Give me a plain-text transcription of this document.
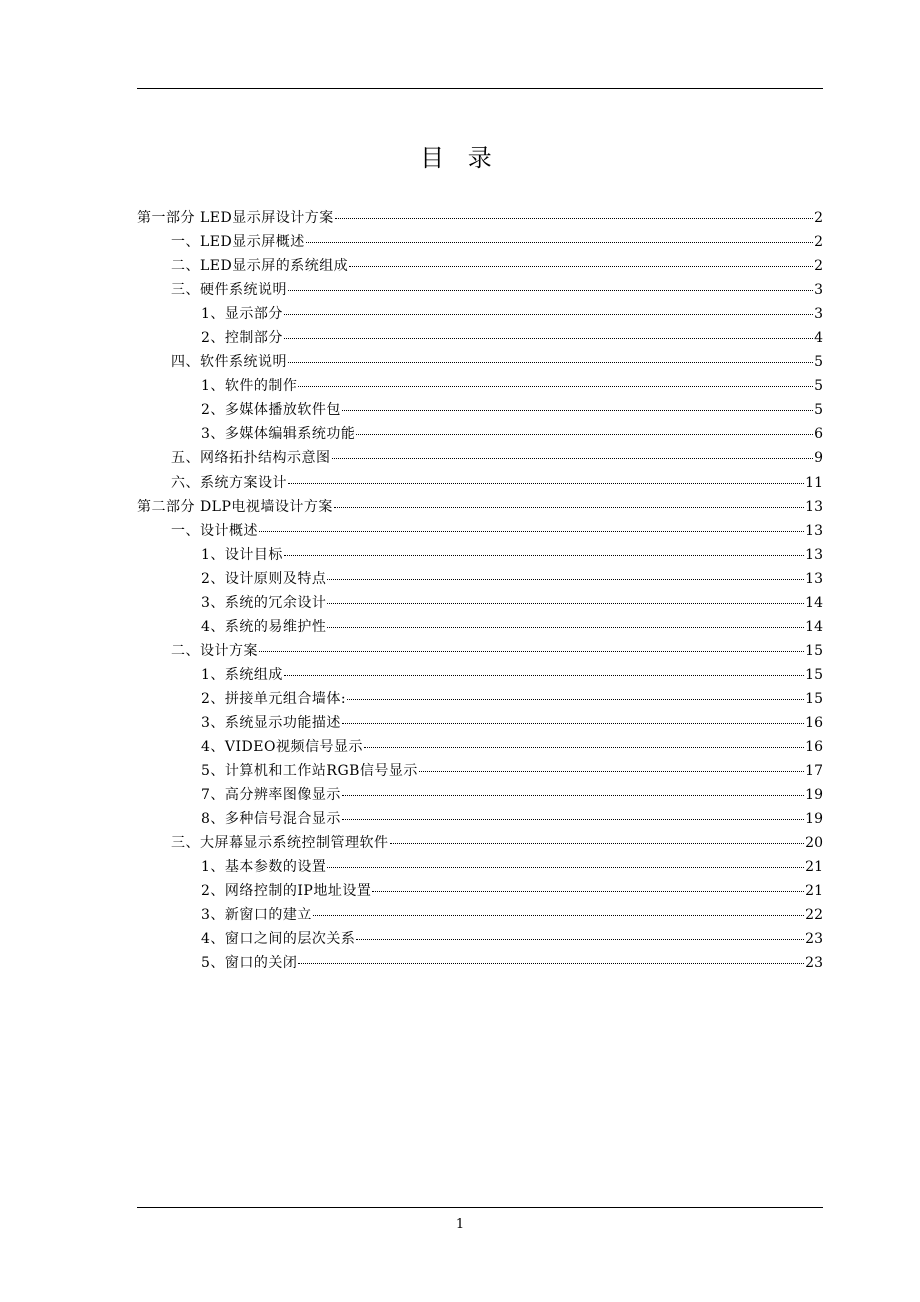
目 录
第一部分 LED显示屏设计方案	2
一、LED显示屏概述	2
二、LED显示屏的系统组成	2
三、硬件系统说明	3
1、显示部分	3
2、控制部分	4
四、软件系统说明	5
1、软件的制作	5
2、多媒体播放软件包	5
3、多媒体编辑系统功能	6
五、网络拓扑结构示意图	9
六、系统方案设计	11
第二部分 DLP电视墙设计方案	13
一、设计概述	13
1、设计目标	13
2、设计原则及特点	13
3、系统的冗余设计	14
4、系统的易维护性	14
二、设计方案	15
1、系统组成	15
2、拼接单元组合墙体:	15
3、系统显示功能描述	16
4、VIDEO视频信号显示	16
5、计算机和工作站RGB信号显示	17
7、高分辨率图像显示	19
8、多种信号混合显示	19
三、大屏幕显示系统控制管理软件	20
1、基本参数的设置	21
2、网络控制的IP地址设置	21
3、新窗口的建立	22
4、窗口之间的层次关系	23
5、窗口的关闭	23
1
